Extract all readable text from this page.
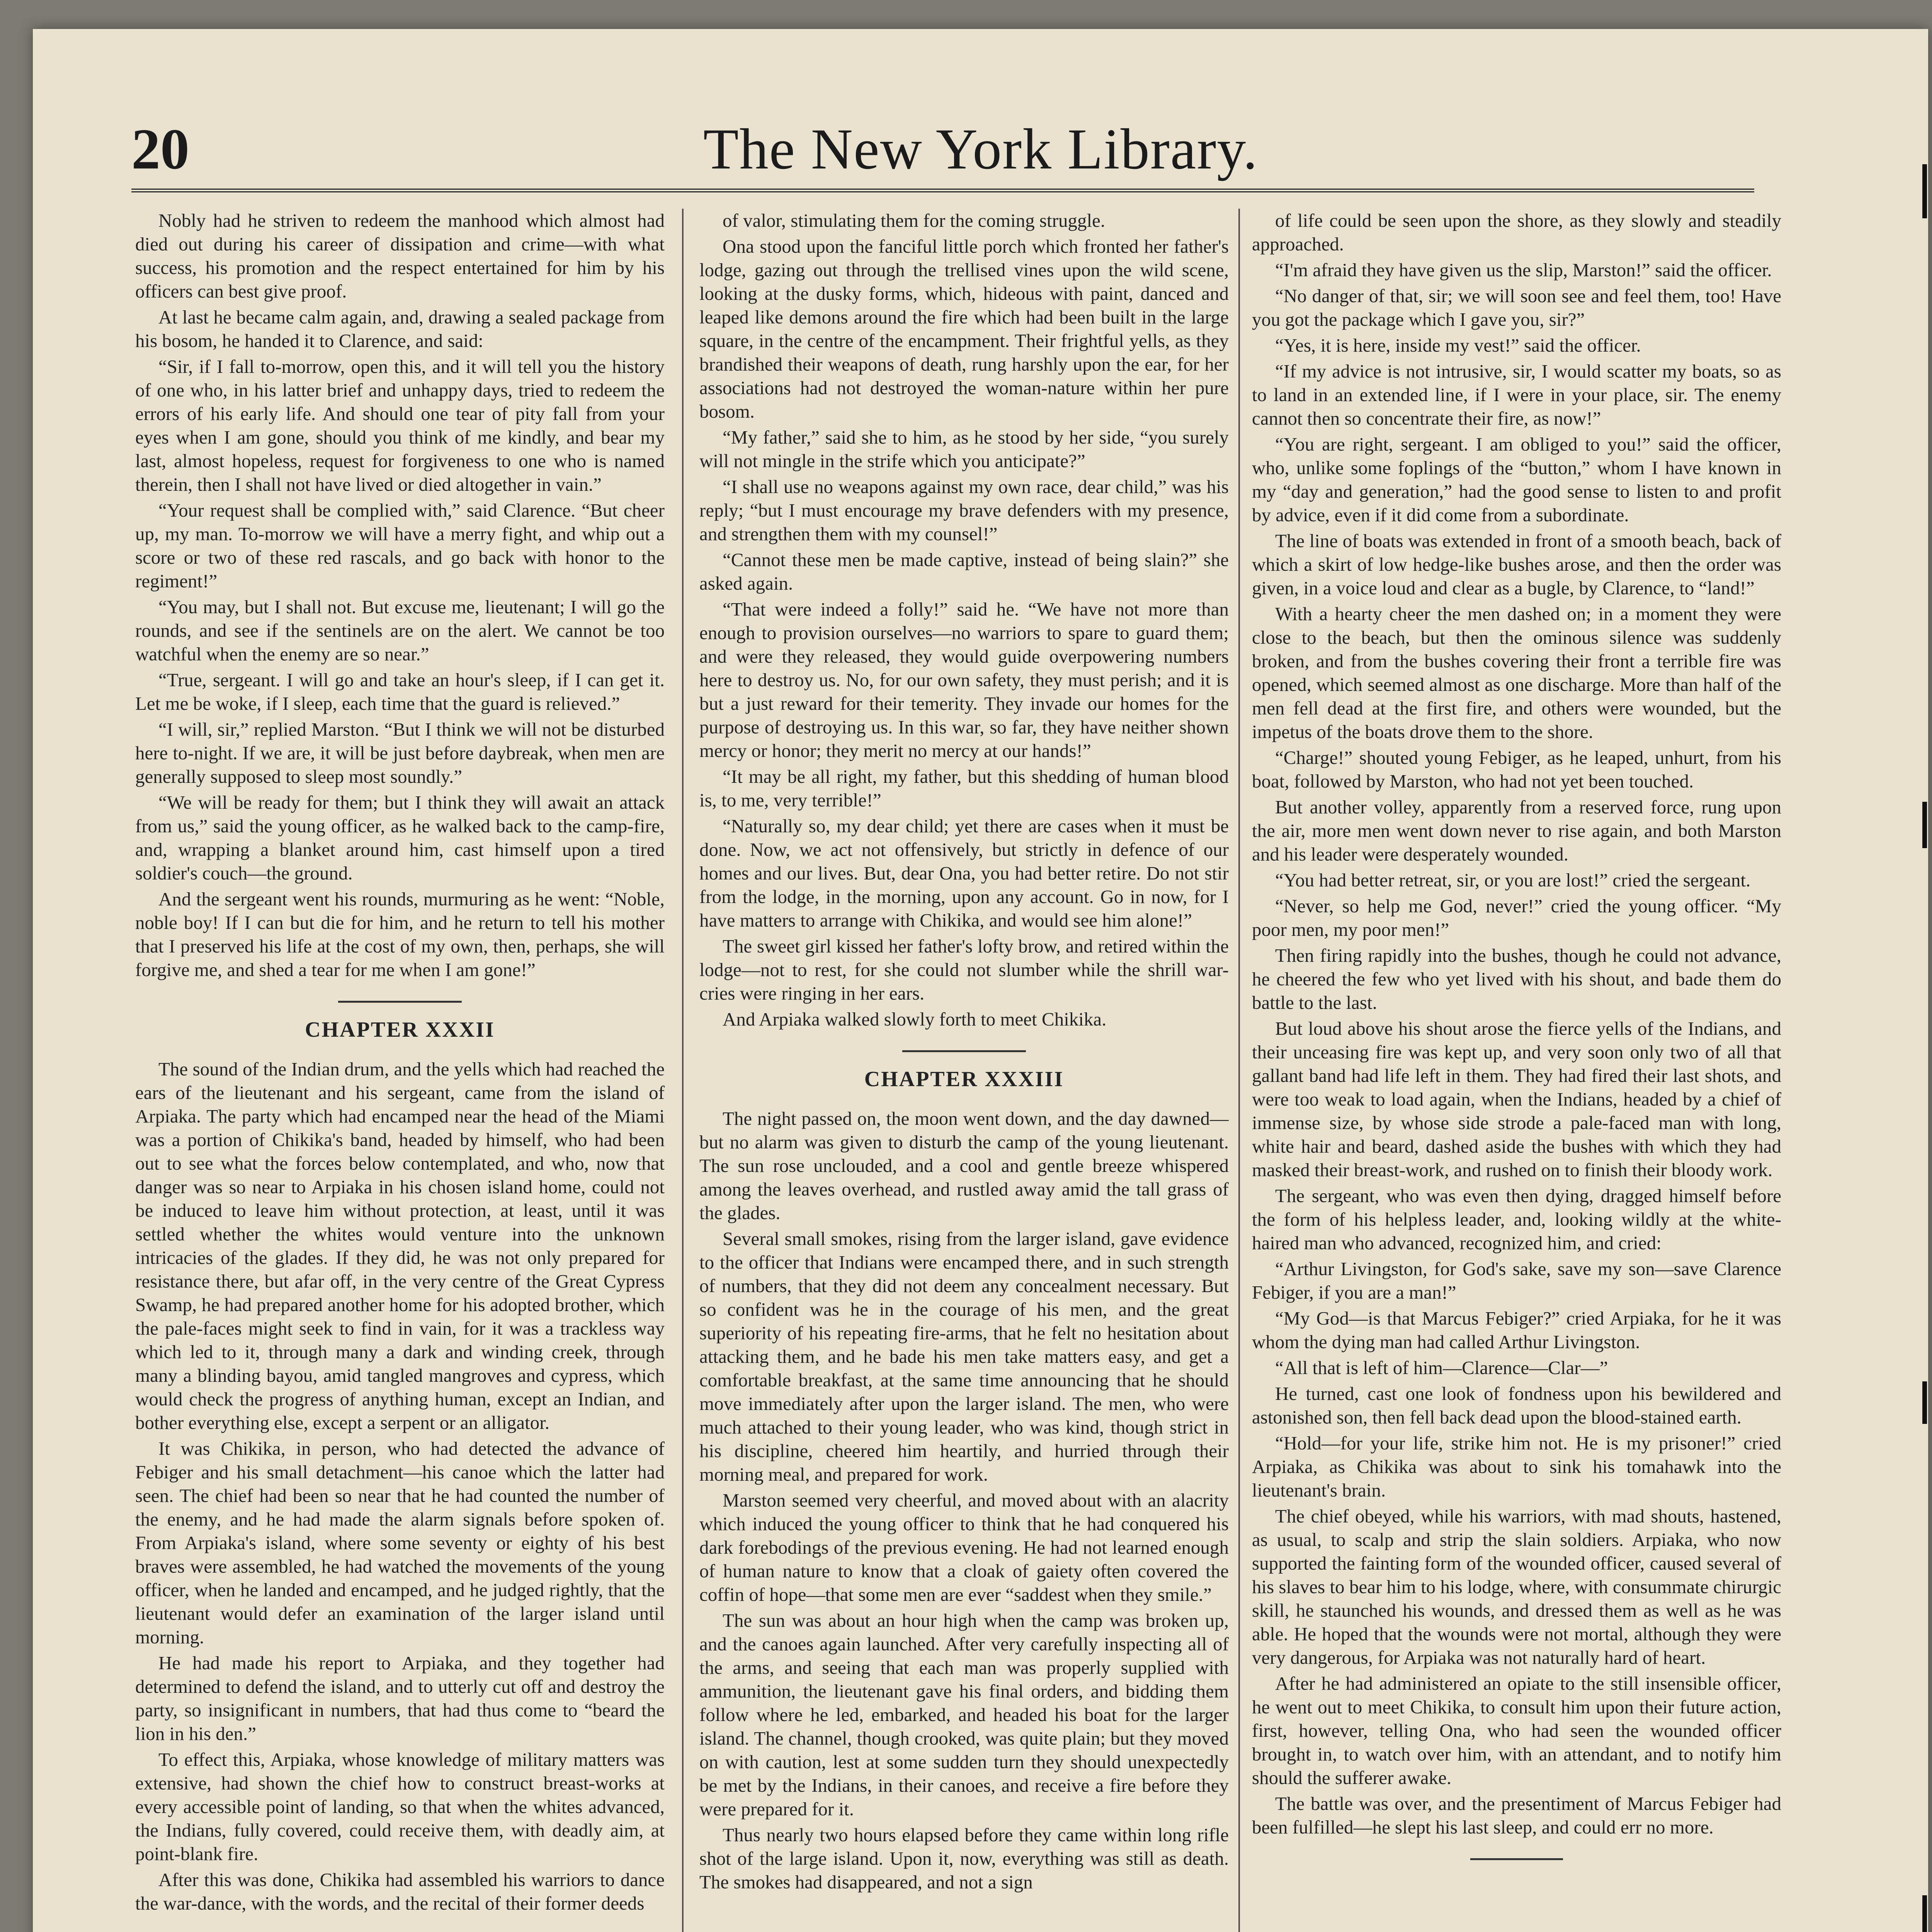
20	The New York Library.

Nobly had he striven to redeem the manhood which almost had died out during his career of dissipation and crime—with what success, his promotion and the respect entertained for him by his officers can best give proof.

At last he became calm again, and, drawing a sealed package from his bosom, he handed it to Clarence, and said:

“Sir, if I fall to-morrow, open this, and it will tell you the history of one who, in his latter brief and unhappy days, tried to redeem the errors of his early life. And should one tear of pity fall from your eyes when I am gone, should you think of me kindly, and bear my last, almost hopeless, request for forgiveness to one who is named therein, then I shall not have lived or died altogether in vain.”

“Your request shall be complied with,” said Clarence. “But cheer up, my man. To-morrow we will have a merry fight, and whip out a score or two of these red rascals, and go back with honor to the regiment!”

“You may, but I shall not. But excuse me, lieutenant; I will go the rounds, and see if the sentinels are on the alert. We cannot be too watchful when the enemy are so near.”

“True, sergeant. I will go and take an hour's sleep, if I can get it. Let me be woke, if I sleep, each time that the guard is relieved.”

“I will, sir,” replied Marston. “But I think we will not be disturbed here to-night. If we are, it will be just before daybreak, when men are generally supposed to sleep most soundly.”

“We will be ready for them; but I think they will await an attack from us,” said the young officer, as he walked back to the camp-fire, and, wrapping a blanket around him, cast himself upon a tired soldier's couch—the ground.

And the sergeant went his rounds, murmuring as he went: “Noble, noble boy! If I can but die for him, and he return to tell his mother that I preserved his life at the cost of my own, then, perhaps, she will forgive me, and shed a tear for me when I am gone!”

CHAPTER XXXII

The sound of the Indian drum, and the yells which had reached the ears of the lieutenant and his sergeant, came from the island of Arpiaka. The party which had encamped near the head of the Miami was a portion of Chikika's band, headed by himself, who had been out to see what the forces below contemplated, and who, now that danger was so near to Arpiaka in his chosen island home, could not be induced to leave him without protection, at least, until it was settled whether the whites would venture into the unknown intricacies of the glades. If they did, he was not only prepared for resistance there, but afar off, in the very centre of the Great Cypress Swamp, he had prepared another home for his adopted brother, which the pale-faces might seek to find in vain, for it was a trackless way which led to it, through many a dark and winding creek, through many a blinding bayou, amid tangled mangroves and cypress, which would check the progress of anything human, except an Indian, and bother everything else, except a serpent or an alligator.

It was Chikika, in person, who had detected the advance of Febiger and his small detachment—his canoe which the latter had seen. The chief had been so near that he had counted the number of the enemy, and he had made the alarm signals before spoken of. From Arpiaka's island, where some seventy or eighty of his best braves were assembled, he had watched the movements of the young officer, when he landed and encamped, and he judged rightly, that the lieutenant would defer an examination of the larger island until morning.

He had made his report to Arpiaka, and they together had determined to defend the island, and to utterly cut off and destroy the party, so insignificant in numbers, that had thus come to “beard the lion in his den.”

To effect this, Arpiaka, whose knowledge of military matters was extensive, had shown the chief how to construct breast-works at every accessible point of landing, so that when the whites advanced, the Indians, fully covered, could receive them, with deadly aim, at point-blank fire.

After this was done, Chikika had assembled his warriors to dance the war-dance, with the words, and the recital of their former deeds

of valor, stimulating them for the coming struggle.

Ona stood upon the fanciful little porch which fronted her father's lodge, gazing out through the trellised vines upon the wild scene, looking at the dusky forms, which, hideous with paint, danced and leaped like demons around the fire which had been built in the large square, in the centre of the encampment. Their frightful yells, as they brandished their weapons of death, rung harshly upon the ear, for her associations had not destroyed the woman-nature within her pure bosom.

“My father,” said she to him, as he stood by her side, “you surely will not mingle in the strife which you anticipate?”

“I shall use no weapons against my own race, dear child,” was his reply; “but I must encourage my brave defenders with my presence, and strengthen them with my counsel!”

“Cannot these men be made captive, instead of being slain?” she asked again.

“That were indeed a folly!” said he. “We have not more than enough to provision ourselves—no warriors to spare to guard them; and were they released, they would guide overpowering numbers here to destroy us. No, for our own safety, they must perish; and it is but a just reward for their temerity. They invade our homes for the purpose of destroying us. In this war, so far, they have neither shown mercy or honor; they merit no mercy at our hands!”

“It may be all right, my father, but this shedding of human blood is, to me, very terrible!”

“Naturally so, my dear child; yet there are cases when it must be done. Now, we act not offensively, but strictly in defence of our homes and our lives. But, dear Ona, you had better retire. Do not stir from the lodge, in the morning, upon any account. Go in now, for I have matters to arrange with Chikika, and would see him alone!”

The sweet girl kissed her father's lofty brow, and retired within the lodge—not to rest, for she could not slumber while the shrill war-cries were ringing in her ears.

And Arpiaka walked slowly forth to meet Chikika.

CHAPTER XXXIII

The night passed on, the moon went down, and the day dawned—but no alarm was given to disturb the camp of the young lieutenant. The sun rose unclouded, and a cool and gentle breeze whispered among the leaves overhead, and rustled away amid the tall grass of the glades.

Several small smokes, rising from the larger island, gave evidence to the officer that Indians were encamped there, and in such strength of numbers, that they did not deem any concealment necessary. But so confident was he in the courage of his men, and the great superiority of his repeating fire-arms, that he felt no hesitation about attacking them, and he bade his men take matters easy, and get a comfortable breakfast, at the same time announcing that he should move immediately after upon the larger island. The men, who were much attached to their young leader, who was kind, though strict in his discipline, cheered him heartily, and hurried through their morning meal, and prepared for work.

Marston seemed very cheerful, and moved about with an alacrity which induced the young officer to think that he had conquered his dark forebodings of the previous evening. He had not learned enough of human nature to know that a cloak of gaiety often covered the coffin of hope—that some men are ever “saddest when they smile.”

The sun was about an hour high when the camp was broken up, and the canoes again launched. After very carefully inspecting all of the arms, and seeing that each man was properly supplied with ammunition, the lieutenant gave his final orders, and bidding them follow where he led, embarked, and headed his boat for the larger island. The channel, though crooked, was quite plain; but they moved on with caution, lest at some sudden turn they should unexpectedly be met by the Indians, in their canoes, and receive a fire before they were prepared for it.

Thus nearly two hours elapsed before they came within long rifle shot of the large island. Upon it, now, everything was still as death. The smokes had disappeared, and not a sign

of life could be seen upon the shore, as they slowly and steadily approached.

“I'm afraid they have given us the slip, Marston!” said the officer.

“No danger of that, sir; we will soon see and feel them, too! Have you got the package which I gave you, sir?”

“Yes, it is here, inside my vest!” said the officer.

“If my advice is not intrusive, sir, I would scatter my boats, so as to land in an extended line, if I were in your place, sir. The enemy cannot then so concentrate their fire, as now!”

“You are right, sergeant. I am obliged to you!” said the officer, who, unlike some foplings of the “button,” whom I have known in my “day and generation,” had the good sense to listen to and profit by advice, even if it did come from a subordinate.

The line of boats was extended in front of a smooth beach, back of which a skirt of low hedge-like bushes arose, and then the order was given, in a voice loud and clear as a bugle, by Clarence, to “land!”

With a hearty cheer the men dashed on; in a moment they were close to the beach, but then the ominous silence was suddenly broken, and from the bushes covering their front a terrible fire was opened, which seemed almost as one discharge. More than half of the men fell dead at the first fire, and others were wounded, but the impetus of the boats drove them to the shore.

“Charge!” shouted young Febiger, as he leaped, unhurt, from his boat, followed by Marston, who had not yet been touched.

But another volley, apparently from a reserved force, rung upon the air, more men went down never to rise again, and both Marston and his leader were desperately wounded.

“You had better retreat, sir, or you are lost!” cried the sergeant.

“Never, so help me God, never!” cried the young officer. “My poor men, my poor men!”

Then firing rapidly into the bushes, though he could not advance, he cheered the few who yet lived with his shout, and bade them do battle to the last.

But loud above his shout arose the fierce yells of the Indians, and their unceasing fire was kept up, and very soon only two of all that gallant band had life left in them. They had fired their last shots, and were too weak to load again, when the Indians, headed by a chief of immense size, by whose side strode a pale-faced man with long, white hair and beard, dashed aside the bushes with which they had masked their breast-work, and rushed on to finish their bloody work.

The sergeant, who was even then dying, dragged himself before the form of his helpless leader, and, looking wildly at the white-haired man who advanced, recognized him, and cried:

“Arthur Livingston, for God's sake, save my son—save Clarence Febiger, if you are a man!”

“My God—is that Marcus Febiger?” cried Arpiaka, for he it was whom the dying man had called Arthur Livingston.

“All that is left of him—Clarence—Clar—”

He turned, cast one look of fondness upon his bewildered and astonished son, then fell back dead upon the blood-stained earth.

“Hold—for your life, strike him not. He is my prisoner!” cried Arpiaka, as Chikika was about to sink his tomahawk into the lieutenant's brain.

The chief obeyed, while his warriors, with mad shouts, hastened, as usual, to scalp and strip the slain soldiers. Arpiaka, who now supported the fainting form of the wounded officer, caused several of his slaves to bear him to his lodge, where, with consummate chirurgic skill, he staunched his wounds, and dressed them as well as he was able. He hoped that the wounds were not mortal, although they were very dangerous, for Arpiaka was not naturally hard of heart.

After he had administered an opiate to the still insensible officer, he went out to meet Chikika, to consult him upon their future action, first, however, telling Ona, who had seen the wounded officer brought in, to watch over him, with an attendant, and to notify him should the sufferer awake.

The battle was over, and the presentiment of Marcus Febiger had been fulfilled—he slept his last sleep, and could err no more.
